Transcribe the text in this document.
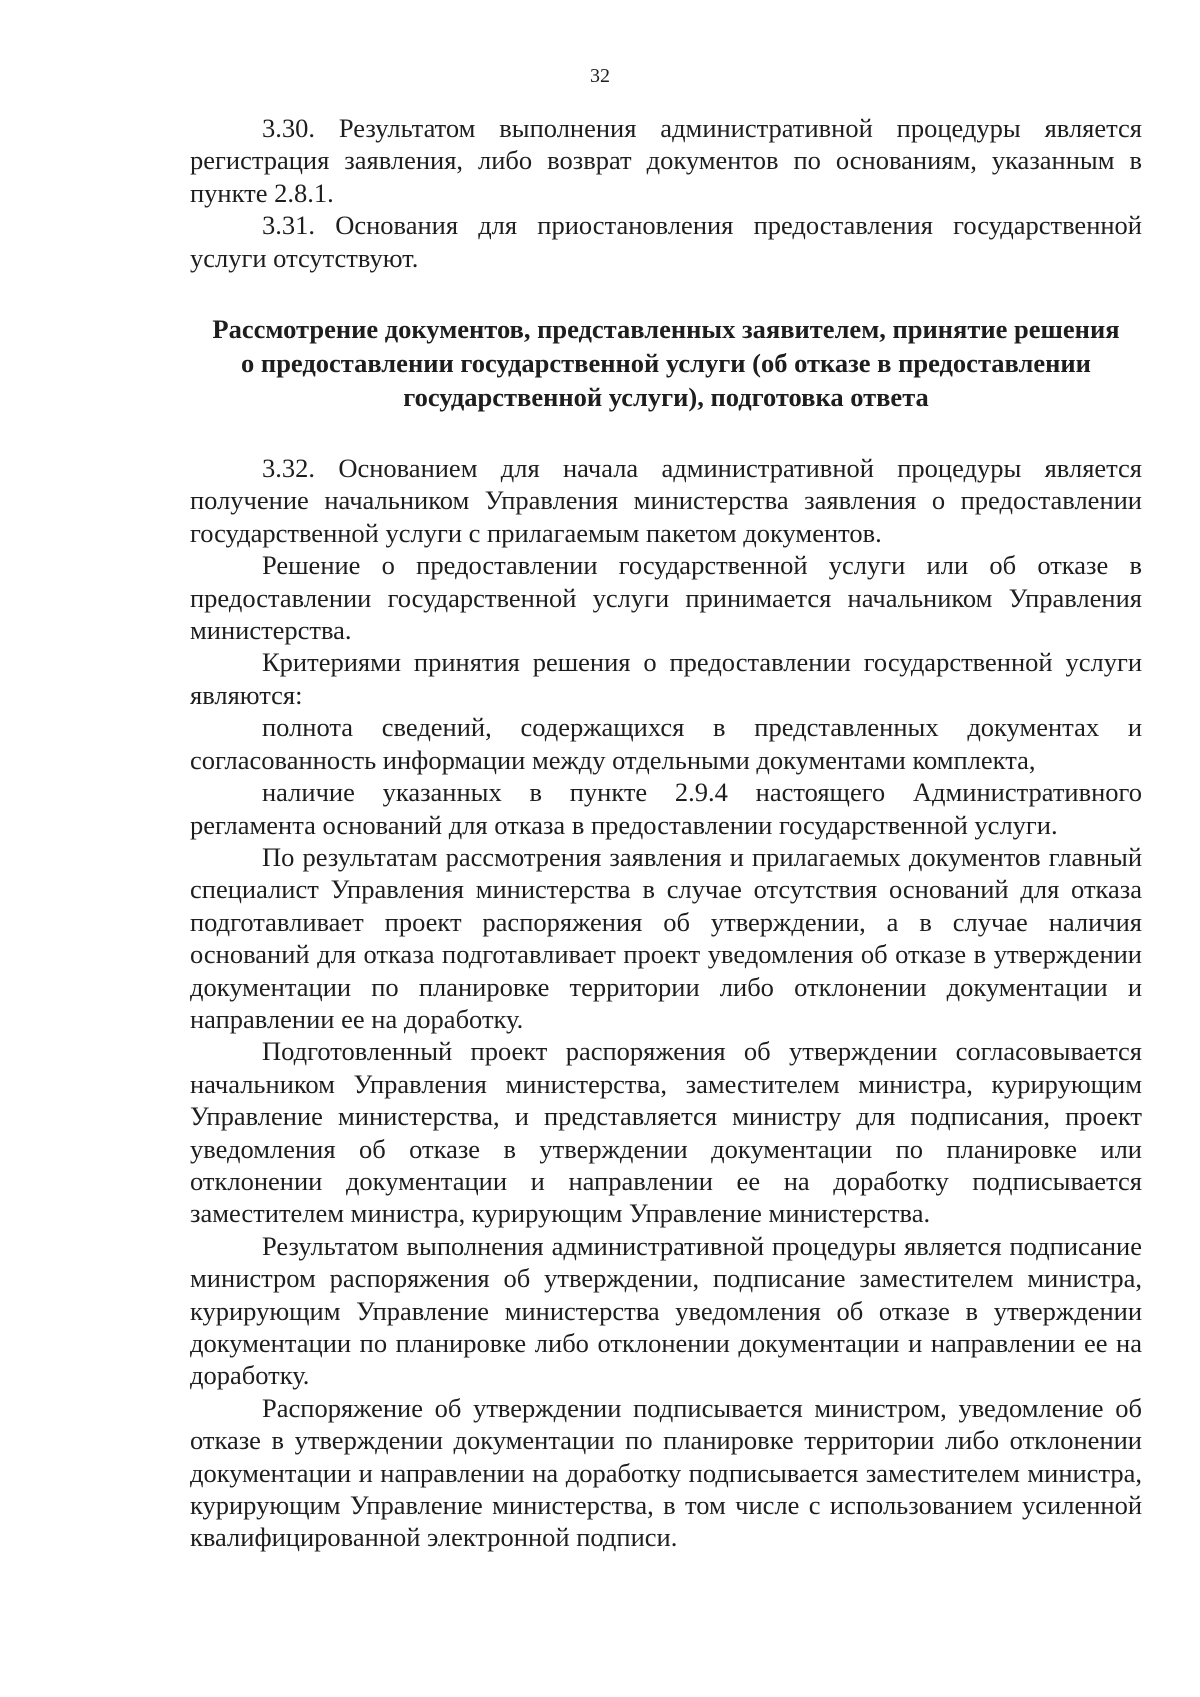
32

3.30. Результатом выполнения административной процедуры является регистрация заявления, либо возврат документов по основаниям, указанным в пункте 2.8.1.

3.31. Основания для приостановления предоставления государственной услуги отсутствуют.

Рассмотрение документов, представленных заявителем, принятие решения о предоставлении государственной услуги (об отказе в предоставлении государственной услуги), подготовка ответа

3.32. Основанием для начала административной процедуры является получение начальником Управления министерства заявления о предоставлении государственной услуги с прилагаемым пакетом документов.

Решение о предоставлении государственной услуги или об отказе в предоставлении государственной услуги принимается начальником Управления министерства.

Критериями принятия решения о предоставлении государственной услуги являются:

полнота сведений, содержащихся в представленных документах и согласованность информации между отдельными документами комплекта,

наличие указанных в пункте 2.9.4 настоящего Административного регламента оснований для отказа в предоставлении государственной услуги.

По результатам рассмотрения заявления и прилагаемых документов главный специалист Управления министерства в случае отсутствия оснований для отказа подготавливает проект распоряжения об утверждении, а в случае наличия оснований для отказа подготавливает проект уведомления об отказе в утверждении документации по планировке территории либо отклонении документации и направлении ее на доработку.

Подготовленный проект распоряжения об утверждении согласовывается начальником Управления министерства, заместителем министра, курирующим Управление министерства, и представляется министру для подписания, проект уведомления об отказе в утверждении документации по планировке или отклонении документации и направлении ее на доработку подписывается заместителем министра, курирующим Управление министерства.

Результатом выполнения административной процедуры является подписание министром распоряжения об утверждении, подписание заместителем министра, курирующим Управление министерства уведомления об отказе в утверждении документации по планировке либо отклонении документации и направлении ее на доработку.

Распоряжение об утверждении подписывается министром, уведомление об отказе в утверждении документации по планировке территории либо отклонении документации и направлении на доработку подписывается заместителем министра, курирующим Управление министерства, в том числе с использованием усиленной квалифицированной электронной подписи.
